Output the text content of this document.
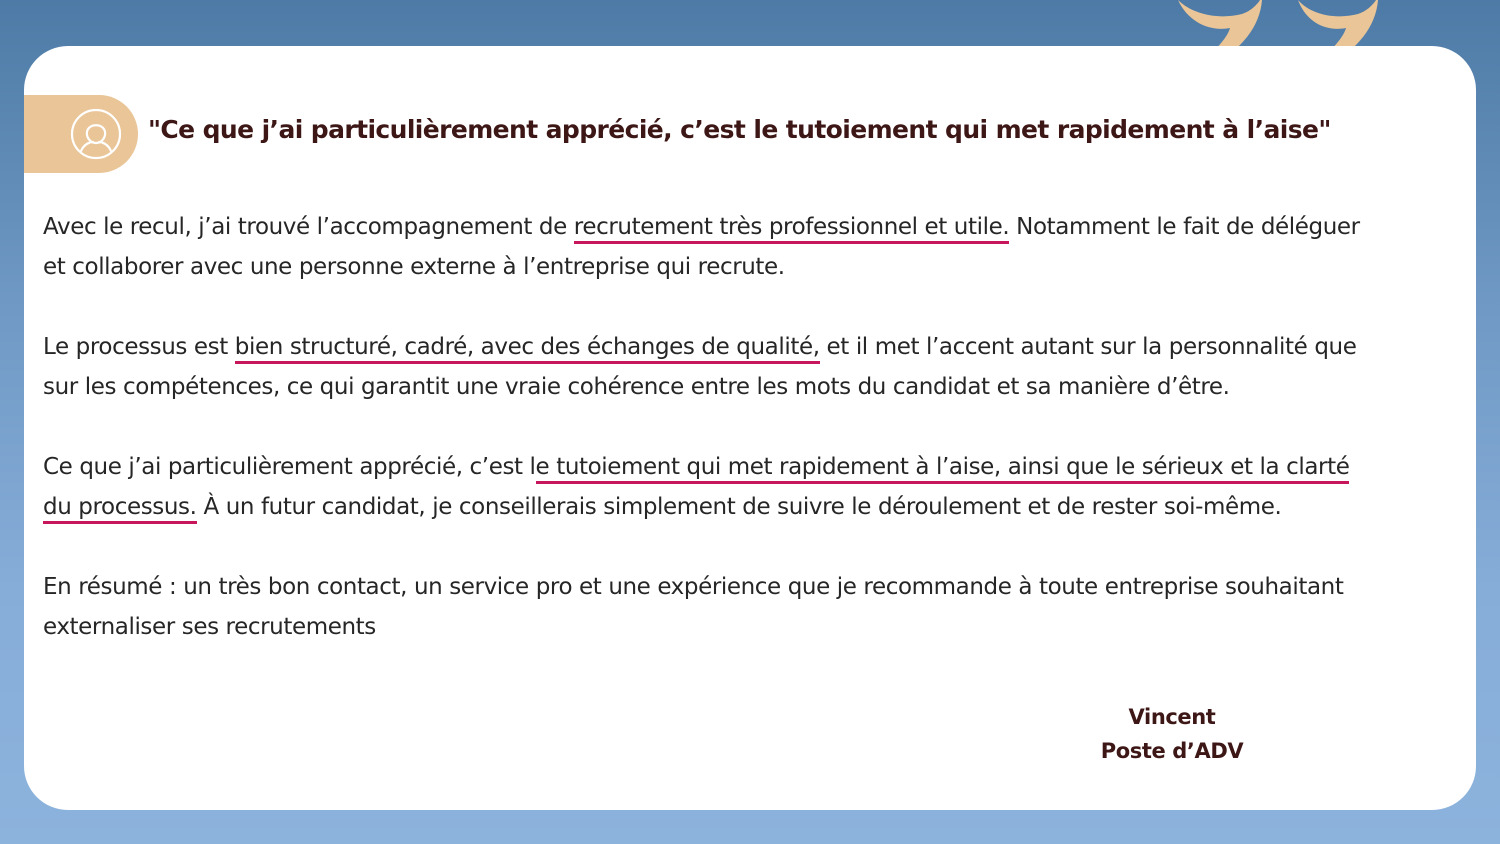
"Ce que j’ai particulièrement apprécié, c’est le tutoiement qui met rapidement à l’aise"

Avec le recul, j’ai trouvé l’accompagnement de recrutement très professionnel et utile. Notamment le fait de déléguer
et collaborer avec une personne externe à l’entreprise qui recrute.

Le processus est bien structuré, cadré, avec des échanges de qualité, et il met l’accent autant sur la personnalité que
sur les compétences, ce qui garantit une vraie cohérence entre les mots du candidat et sa manière d’être.

Ce que j’ai particulièrement apprécié, c’est le tutoiement qui met rapidement à l’aise, ainsi que le sérieux et la clarté
du processus. À un futur candidat, je conseillerais simplement de suivre le déroulement et de rester soi-même.

En résumé : un très bon contact, un service pro et une expérience que je recommande à toute entreprise souhaitant
externaliser ses recrutements

Vincent
Poste d’ADV
